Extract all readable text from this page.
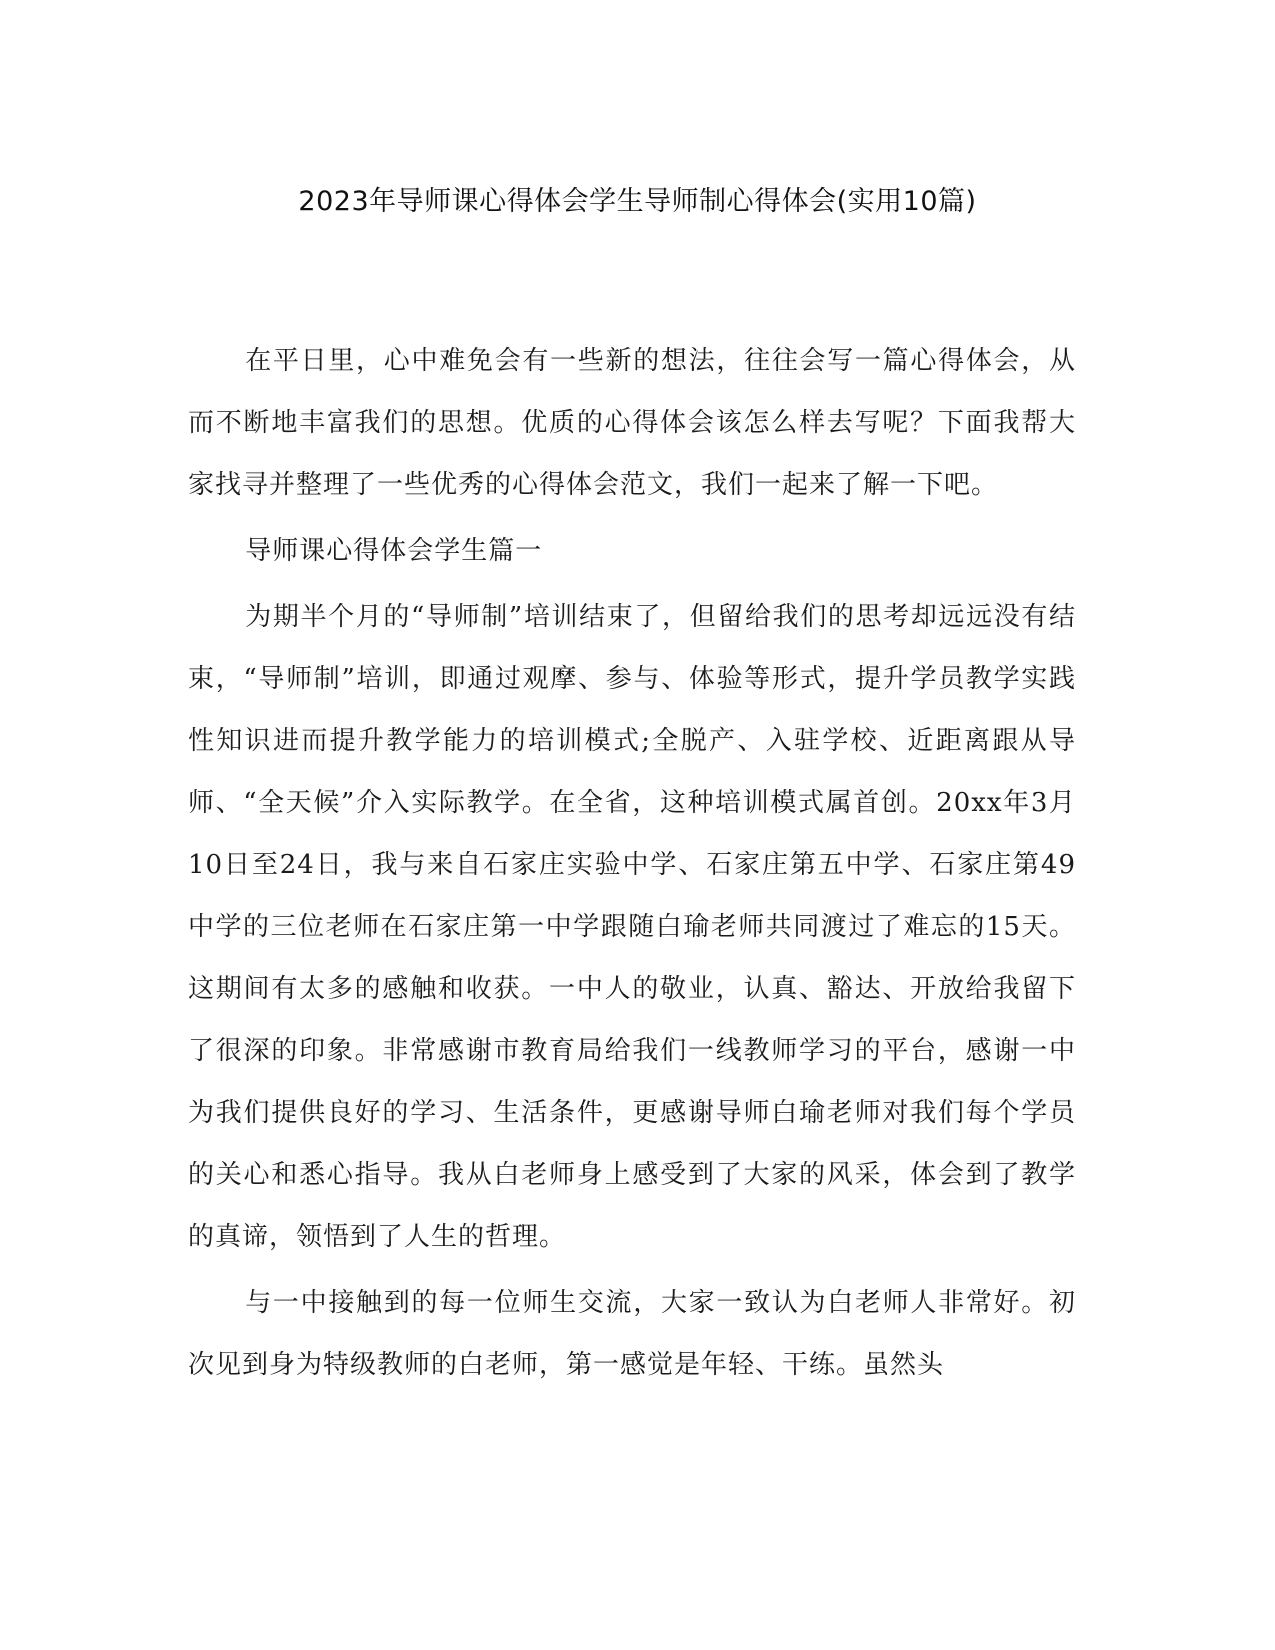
2023年导师课心得体会学生导师制心得体会(实用10篇)

在平日里，心中难免会有一些新的想法，往往会写一篇心得体会，从而不断地丰富我们的思想。优质的心得体会该怎么样去写呢？下面我帮大家找寻并整理了一些优秀的心得体会范文，我们一起来了解一下吧。

导师课心得体会学生篇一

为期半个月的“导师制”培训结束了，但留给我们的思考却远远没有结束，“导师制”培训，即通过观摩、参与、体验等形式，提升学员教学实践性知识进而提升教学能力的培训模式;全脱产、入驻学校、近距离跟从导师、“全天候”介入实际教学。在全省，这种培训模式属首创。20xx年3月10日至24日，我与来自石家庄实验中学、石家庄第五中学、石家庄第49中学的三位老师在石家庄第一中学跟随白瑜老师共同渡过了难忘的15天。这期间有太多的感触和收获。一中人的敬业，认真、豁达、开放给我留下了很深的印象。非常感谢市教育局给我们一线教师学习的平台，感谢一中为我们提供良好的学习、生活条件，更感谢导师白瑜老师对我们每个学员的关心和悉心指导。我从白老师身上感受到了大家的风采，体会到了教学的真谛，领悟到了人生的哲理。

与一中接触到的每一位师生交流，大家一致认为白老师人非常好。初次见到身为特级教师的白老师，第一感觉是年轻、干练。虽然头
